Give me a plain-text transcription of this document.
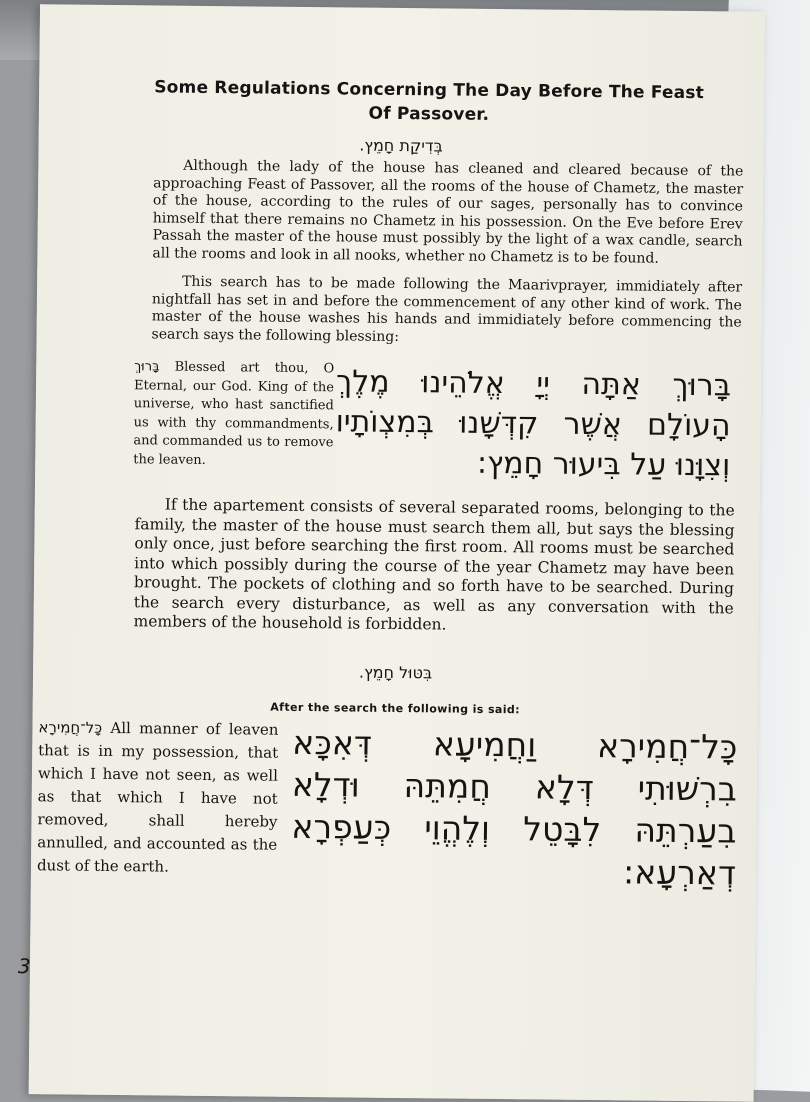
Some Regulations Concerning The Day Before The Feast Of Passover.
בְּדִיקַת חָמֵץ.
Although the lady of the house has cleaned and cleared because of the approaching Feast of Passover, all the rooms of the house of Chametz, the master of the house, according to the rules of our sages, personally has to convince himself that there remains no Chametz in his possession. On the Eve before Erev Passah the master of the house must possibly by the light of a wax candle, search all the rooms and look in all nooks, whether no Chametz is to be found.
This search has to be made following the Maarivprayer, immidiately after nightfall has set in and before the commencement of any other kind of work. The master of the house washes his hands and immidiately before commencing the search says the following blessing:
בָּרוּךְ Blessed art thou, O Eternal, our God. King of the universe, who hast sanctified us with thy commandments, and commanded us to remove the leaven.
בָּרוּךְ אַתָּה יְיָ אֱלֹהֵינוּ מֶלֶךְ הָעוֹלָם אֲשֶׁר קִדְּשָׁנוּ בְּמִצְוֹתָיו וְצִוָּנוּ עַל בִּיעוּר חָמֵץ:
If the apartement consists of several separated rooms, belonging to the family, the master of the house must search them all, but says the blessing only once, just before searching the first room. All rooms must be searched into which possibly during the course of the year Chametz may have been brought. The pockets of clothing and so forth have to be searched. During the search every disturbance, as well as any conversation with the members of the household is forbidden.
בִּטּוּל חָמֵץ.
After the search the following is said:
כָּל־חֲמִירָא All manner of leaven that is in my possession, that which I have not seen, as well as that which I have not removed, shall hereby annulled, and accounted as the dust of the earth.
כָּל־חֲמִירָא וַחֲמִיעָא דְּאִכָּא בִרְשׁוּתִי דְּלָא חֲמִתֵּהּ וּדְלָא בִעַרְתֵּהּ לִבָּטֵל וְלֶהֱוֵי כְּעַפְרָא דְאַרְעָא:
3
